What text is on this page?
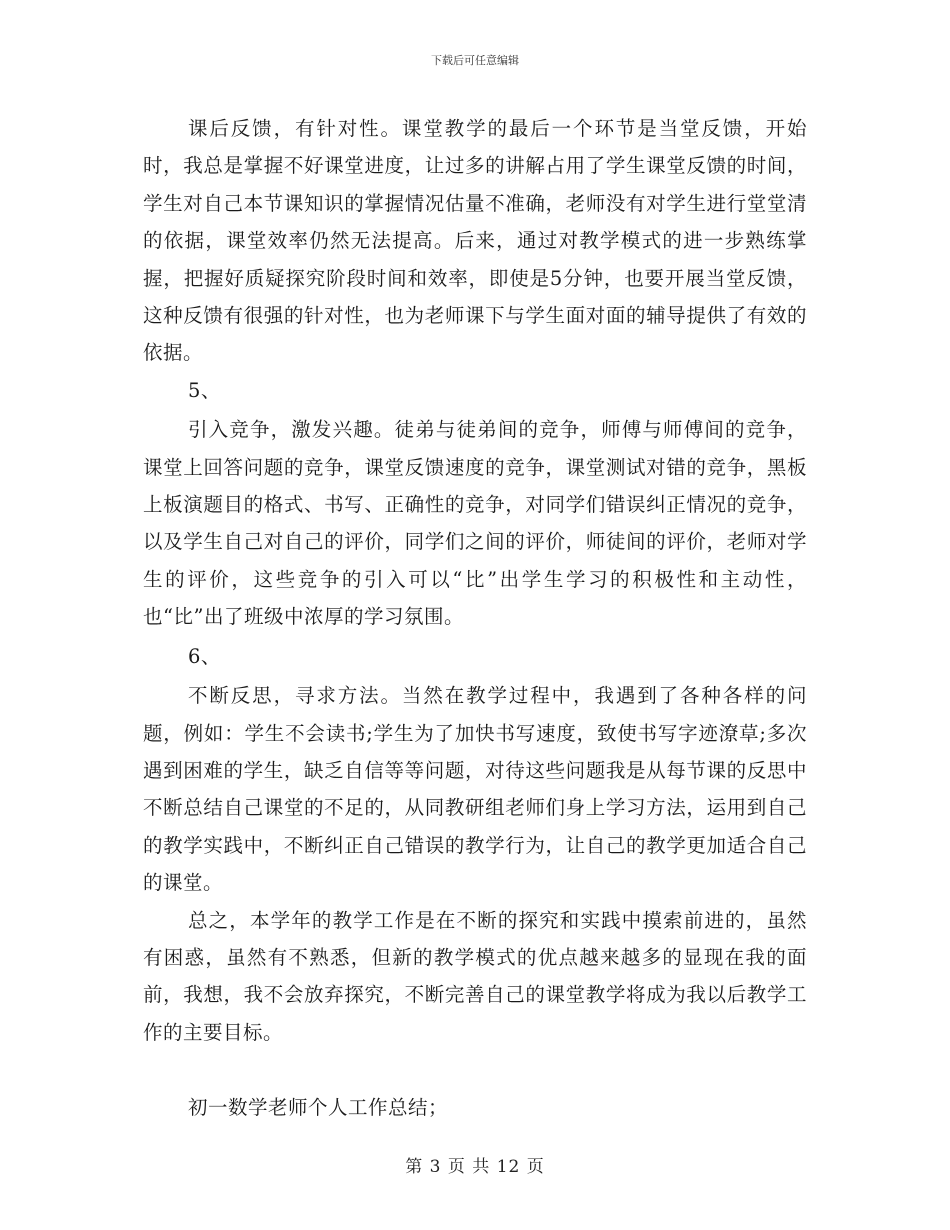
下载后可任意编辑

课后反馈，有针对性。课堂教学的最后一个环节是当堂反馈，开始时，我总是掌握不好课堂进度，让过多的讲解占用了学生课堂反馈的时间，学生对自己本节课知识的掌握情况估量不准确，老师没有对学生进行堂堂清的依据，课堂效率仍然无法提高。后来，通过对教学模式的进一步熟练掌握，把握好质疑探究阶段时间和效率，即使是5分钟，也要开展当堂反馈，这种反馈有很强的针对性，也为老师课下与学生面对面的辅导提供了有效的依据。

5、

引入竞争，激发兴趣。徒弟与徒弟间的竞争，师傅与师傅间的竞争，课堂上回答问题的竞争，课堂反馈速度的竞争，课堂测试对错的竞争，黑板上板演题目的格式、书写、正确性的竞争，对同学们错误纠正情况的竞争，以及学生自己对自己的评价，同学们之间的评价，师徒间的评价，老师对学生的评价，这些竞争的引入可以“比”出学生学习的积极性和主动性，也“比”出了班级中浓厚的学习氛围。

6、

不断反思，寻求方法。当然在教学过程中，我遇到了各种各样的问题，例如：学生不会读书;学生为了加快书写速度，致使书写字迹潦草;多次遇到困难的学生，缺乏自信等等问题，对待这些问题我是从每节课的反思中不断总结自己课堂的不足的，从同教研组老师们身上学习方法，运用到自己的教学实践中，不断纠正自己错误的教学行为，让自己的教学更加适合自己的课堂。

总之，本学年的教学工作是在不断的探究和实践中摸索前进的，虽然有困惑，虽然有不熟悉，但新的教学模式的优点越来越多的显现在我的面前，我想，我不会放弃探究，不断完善自己的课堂教学将成为我以后教学工作的主要目标。

初一数学老师个人工作总结；

第 3 页 共 12 页
